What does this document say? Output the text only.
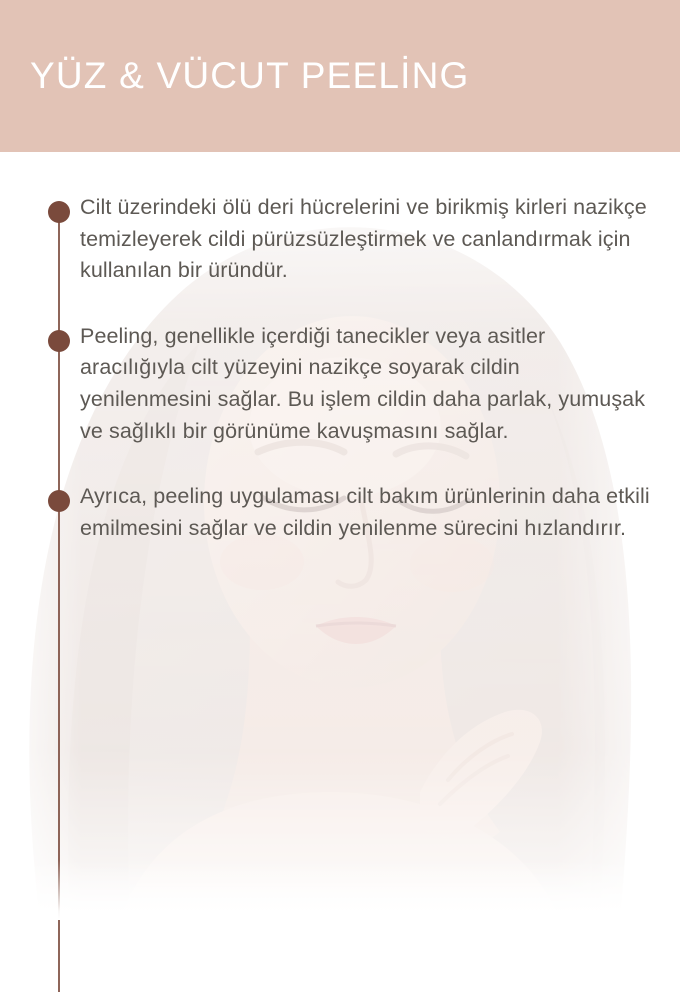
YÜZ & VÜCUT PEELİNG

Cilt üzerindeki ölü deri hücrelerini ve birikmiş kirleri nazikçe temizleyerek cildi pürüzsüzleştirmek ve canlandırmak için kullanılan bir üründür.

Peeling, genellikle içerdiği tanecikler veya asitler aracılığıyla cilt yüzeyini nazikçe soyarak cildin yenilenmesini sağlar. Bu işlem cildin daha parlak, yumuşak ve sağlıklı bir görünüme kavuşmasını sağlar.

Ayrıca, peeling uygulaması cilt bakım ürünlerinin daha etkili emilmesini sağlar ve cildin yenilenme sürecini hızlandırır.
